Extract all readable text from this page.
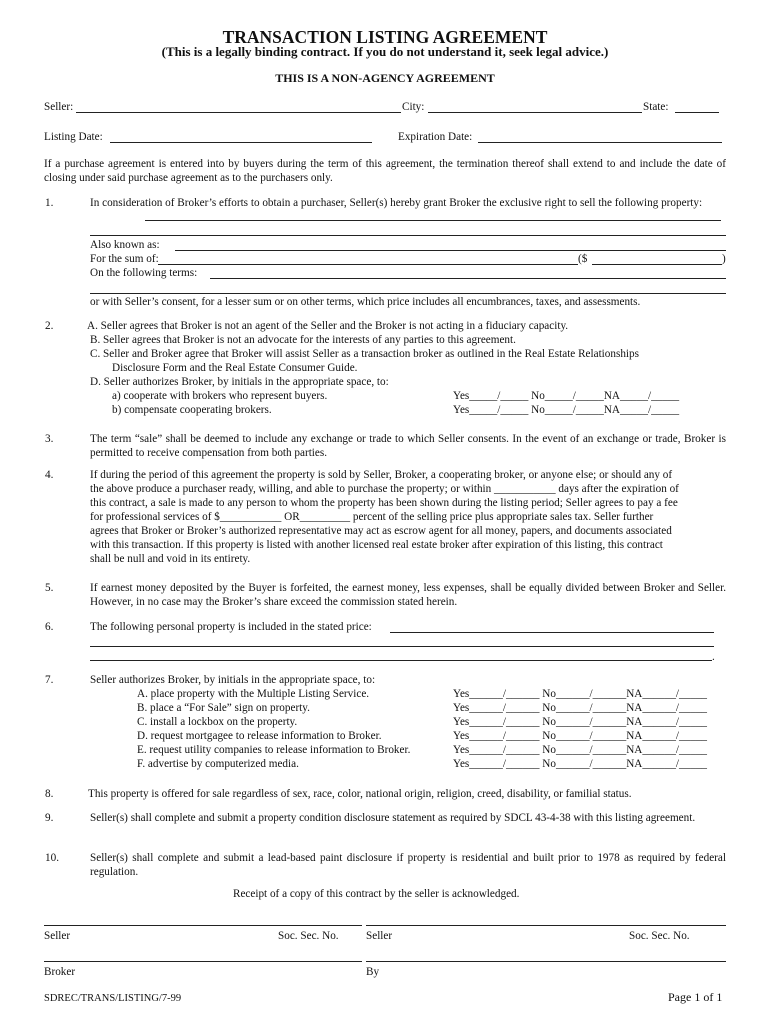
TRANSACTION LISTING AGREEMENT
(This is a legally binding contract. If you do not understand it, seek legal advice.)
THIS IS A NON-AGENCY AGREEMENT
Seller:	City:	State:
Listing Date:	Expiration Date:
If a purchase agreement is entered into by buyers during the term of this agreement, the termination thereof shall extend to and include the date of closing under said purchase agreement as to the purchasers only.
1.	In consideration of Broker’s efforts to obtain a purchaser, Seller(s) hereby grant Broker the exclusive right to sell the following property:
Also known as:
For the sum of:	($	)
On the following terms:
or with Seller’s consent, for a lesser sum or on other terms, which price includes all encumbrances, taxes, and assessments.
2.	A. Seller agrees that Broker is not an agent of the Seller and the Broker is not acting in a fiduciary capacity.
B. Seller agrees that Broker is not an advocate for the interests of any parties to this agreement.
C. Seller and Broker agree that Broker will assist Seller as a transaction broker as outlined in the Real Estate Relationships
Disclosure Form and the Real Estate Consumer Guide.
D. Seller authorizes Broker, by initials in the appropriate space, to:
a) cooperate with brokers who represent buyers.	Yes_____/_____ No_____/_____NA_____/_____
b) compensate cooperating brokers.	Yes_____/_____ No_____/_____NA_____/_____
3.	The term “sale” shall be deemed to include any exchange or trade to which Seller consents. In the event of an exchange or trade, Broker is permitted to receive compensation from both parties.
4.	If during the period of this agreement the property is sold by Seller, Broker, a cooperating broker, or anyone else; or should any of
the above produce a purchaser ready, willing, and able to purchase the property; or within ___________ days after the expiration of
this contract, a sale is made to any person to whom the property has been shown during the listing period; Seller agrees to pay a fee
for professional services of $___________ OR_________ percent of the selling price plus appropriate sales tax. Seller further
agrees that Broker or Broker’s authorized representative may act as escrow agent for all money, papers, and documents associated
with this transaction. If this property is listed with another licensed real estate broker after expiration of this listing, this contract
shall be null and void in its entirety.
5.	If earnest money deposited by the Buyer is forfeited, the earnest money, less expenses, shall be equally divided between Broker and Seller. However, in no case may the Broker’s share exceed the commission stated herein.
6.	The following personal property is included in the stated price:
.
7.	Seller authorizes Broker, by initials in the appropriate space, to:
A. place property with the Multiple Listing Service.	Yes______/______ No______/______NA______/_____
B. place a “For Sale” sign on property.	Yes______/______ No______/______NA______/_____
C. install a lockbox on the property.	Yes______/______ No______/______NA______/_____
D. request mortgagee to release information to Broker.	Yes______/______ No______/______NA______/_____
E. request utility companies to release information to Broker.	Yes______/______ No______/______NA______/_____
F. advertise by computerized media.	Yes______/______ No______/______NA______/_____
8.	This property is offered for sale regardless of sex, race, color, national origin, religion, creed, disability, or familial status.
9.	Seller(s) shall complete and submit a property condition disclosure statement as required by SDCL 43-4-38 with this listing agreement.
10.	Seller(s) shall complete and submit a lead-based paint disclosure if property is residential and built prior to 1978 as required by federal regulation.
Receipt of a copy of this contract by the seller is acknowledged.
Seller	Soc. Sec. No. Seller	Soc. Sec. No.
Broker	By
SDREC/TRANS/LISTING/7-99	Page 1 of 1
